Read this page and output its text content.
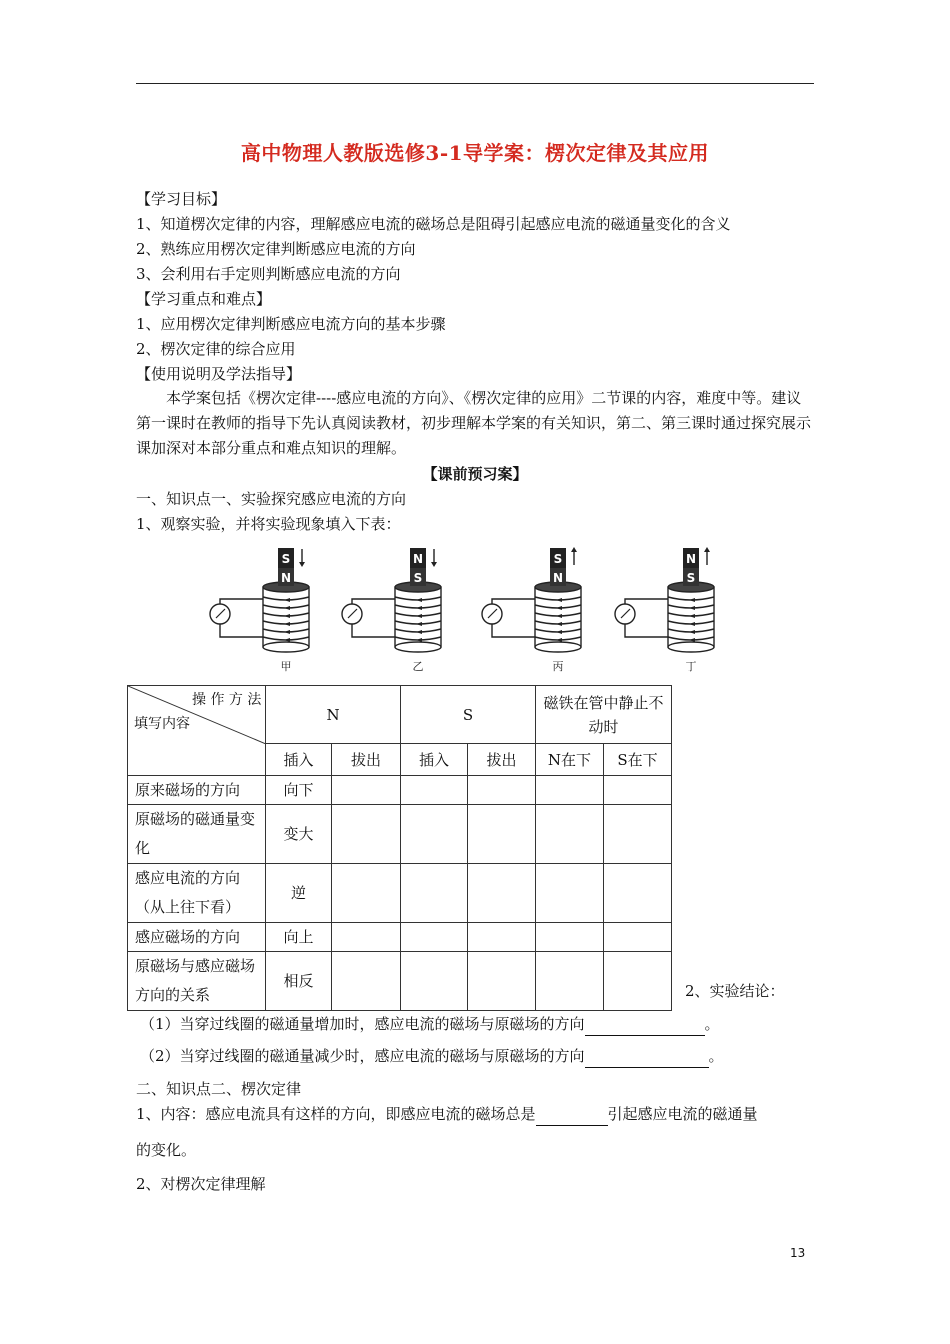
高中物理人教版选修3-1导学案：楞次定律及其应用
【学习目标】
1、知道楞次定律的内容，理解感应电流的磁场总是阻碍引起感应电流的磁通量变化的含义
2、熟练应用楞次定律判断感应电流的方向
3、会利用右手定则判断感应电流的方向
【学习重点和难点】
1、应用楞次定律判断感应电流方向的基本步骤
2、楞次定律的综合应用
【使用说明及学法指导】
本学案包括《楞次定律----感应电流的方向》、《楞次定律的应用》二节课的内容，难度中等。建议第一课时在教师的指导下先认真阅读教材，初步理解本学案的有关知识，第二、第三课时通过探究展示课加深对本部分重点和难点知识的理解。
【课前预习案】
一、知识点一、实验探究感应电流的方向
1、观察实验，并将实验现象填入下表：
S
N
甲
N
S
乙
S
N
丙
N
S
丁
操 作 方 法
填写内容	N		S		磁铁在管中静止不动时	
	插入	拔出	插入	拔出	N在下	S在下
原来磁场的方向	向下					
原磁场的磁通量变化	变大					
感应电流的方向（从上往下看）	逆					
感应磁场的方向	向上					
原磁场与感应磁场方向的关系	相反					
2、实验结论：
（1）当穿过线圈的磁通量增加时，感应电流的磁场与原磁场的方向	。
（2）当穿过线圈的磁通量减少时，感应电流的磁场与原磁场的方向	。
二、知识点二、楞次定律
1、内容：感应电流具有这样的方向，即感应电流的磁场总是	引起感应电流的磁通量
的变化。
2、对楞次定律理解
13
